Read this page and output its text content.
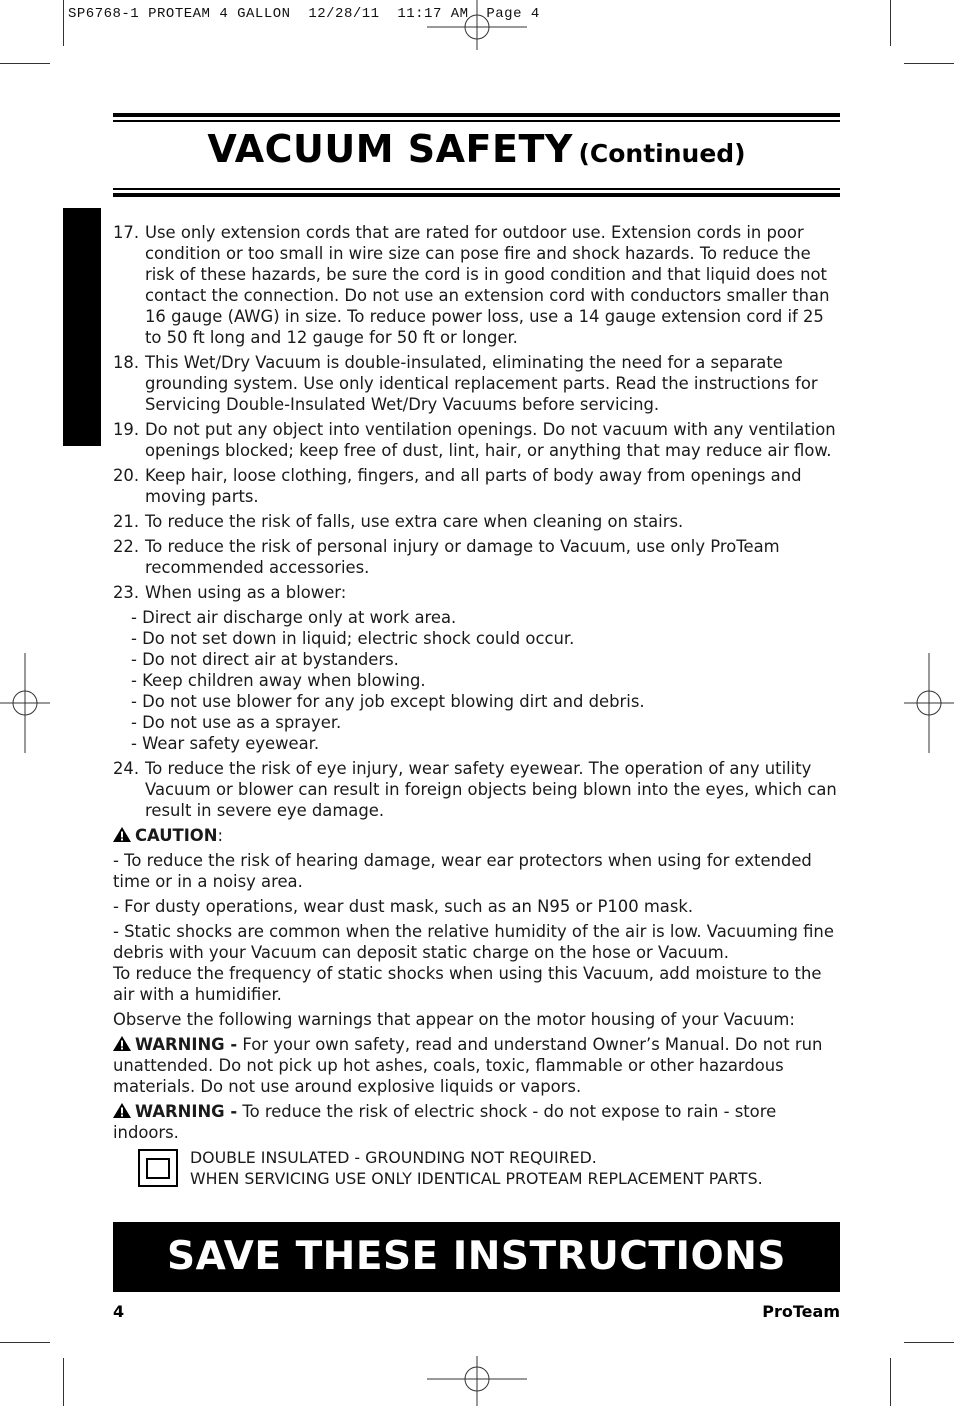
SP6768-1 PROTEAM 4 GALLON  12/28/11  11:17 AM  Page 4
VACUUM SAFETY (Continued)
17. Use only extension cords that are rated for outdoor use. Extension cords in poor condition or too small in wire size can pose fire and shock hazards. To reduce the risk of these hazards, be sure the cord is in good condition and that liquid does not contact the connection. Do not use an extension cord with conductors smaller than 16 gauge (AWG) in size. To reduce power loss, use a 14 gauge extension cord if 25 to 50 ft long and 12 gauge for 50 ft or longer.
18. This Wet/Dry Vacuum is double-insulated, eliminating the need for a separate grounding system. Use only identical replacement parts. Read the instructions for Servicing Double-Insulated Wet/Dry Vacuums before servicing.
19. Do not put any object into ventilation openings. Do not vacuum with any ventilation openings blocked; keep free of dust, lint, hair, or anything that may reduce air flow.
20. Keep hair, loose clothing, fingers, and all parts of body away from openings and moving parts.
21. To reduce the risk of falls, use extra care when cleaning on stairs.
22. To reduce the risk of personal injury or damage to Vacuum, use only ProTeam recommended accessories.
23. When using as a blower:
- Direct air discharge only at work area.
- Do not set down in liquid; electric shock could occur.
- Do not direct air at bystanders.
- Keep children away when blowing.
- Do not use blower for any job except blowing dirt and debris.
- Do not use as a sprayer.
- Wear safety eyewear.
24. To reduce the risk of eye injury, wear safety eyewear. The operation of any utility Vacuum or blower can result in foreign objects being blown into the eyes, which can result in severe eye damage.
CAUTION:
- To reduce the risk of hearing damage, wear ear protectors when using for extended time or in a noisy area.
- For dusty operations, wear dust mask, such as an N95 or P100 mask.
- Static shocks are common when the relative humidity of the air is low. Vacuuming fine debris with your Vacuum can deposit static charge on the hose or Vacuum.
To reduce the frequency of static shocks when using this Vacuum, add moisture to the air with a humidifier.
Observe the following warnings that appear on the motor housing of your Vacuum:
WARNING - For your own safety, read and understand Owner’s Manual. Do not run unattended. Do not pick up hot ashes, coals, toxic, flammable or other hazardous materials. Do not use around explosive liquids or vapors.
WARNING - To reduce the risk of electric shock - do not expose to rain - store indoors.
DOUBLE INSULATED - GROUNDING NOT REQUIRED.
WHEN SERVICING USE ONLY IDENTICAL PROTEAM REPLACEMENT PARTS.
SAVE THESE INSTRUCTIONS
4	ProTeam
